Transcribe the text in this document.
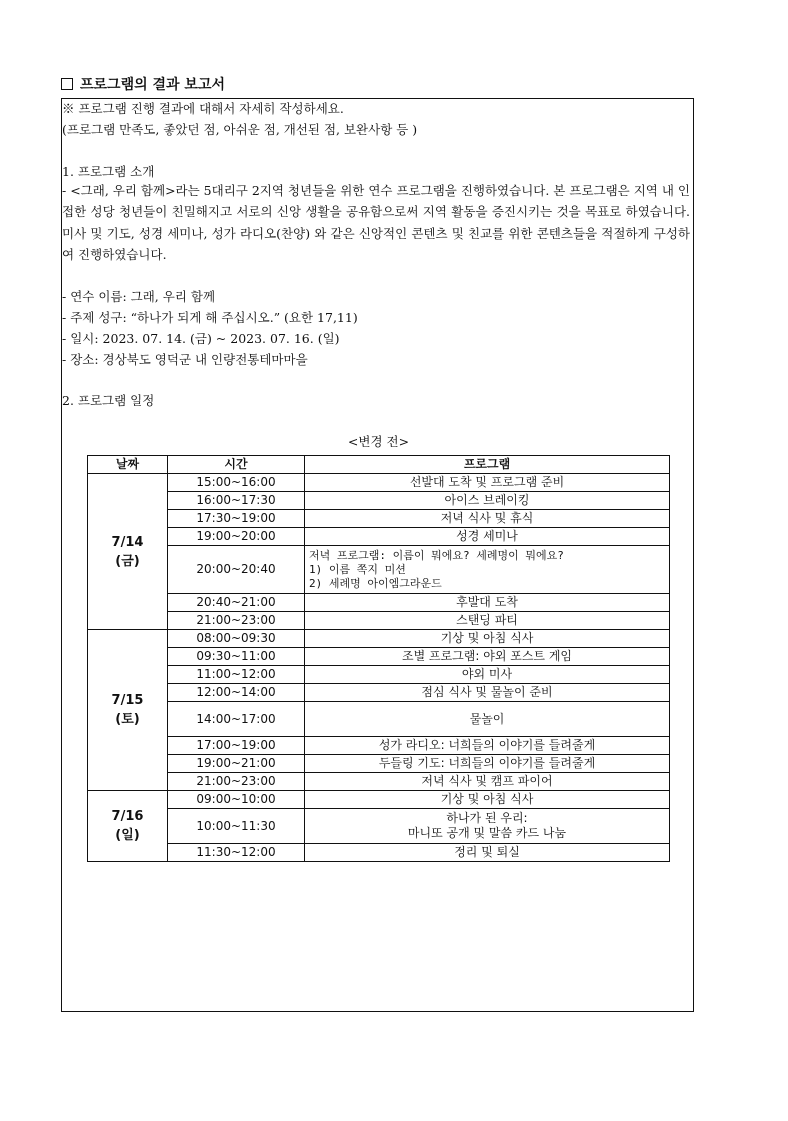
프로그램의 결과 보고서
※ 프로그램 진행 결과에 대해서 자세히 작성하세요.
(프로그램 만족도, 좋았던 점, 아쉬운 점, 개선된 점, 보완사항 등 )
1. 프로그램 소개
- <그래, 우리 함께>라는 5대리구 2지역 청년들을 위한 연수 프로그램을 진행하였습니다. 본 프로그램은 지역 내 인접한 성당 청년들이 친밀해지고 서로의 신앙 생활을 공유함으로써 지역 활동을 증진시키는 것을 목표로 하였습니다. 미사 및 기도, 성경 세미나, 성가 라디오(찬양) 와 같은 신앙적인 콘텐츠 및 친교를 위한 콘텐츠들을 적절하게 구성하여 진행하였습니다.
- 연수 이름: 그래, 우리 함께
- 주제 성구: “하나가 되게 해 주십시오.” (요한 17,11)
- 일시: 2023. 07. 14. (금) ~ 2023. 07. 16. (일)
- 장소: 경상북도 영덕군 내 인량전통테마마을
2. 프로그램 일정
<변경 전>
날짜	시간	프로그램

7/14
(금)	15:00~16:00	선발대 도착 및 프로그램 준비
	16:00~17:30	아이스 브레이킹
	17:30~19:00	저녁 식사 및 휴식
	19:00~20:00	성경 세미나
	20:00~20:40	저녁 프로그램: 이름이 뭐에요? 세례명이 뭐에요?
1) 이름 쪽지 미션
2) 세례명 아이엠그라운드

	20:40~21:00	후발대 도착
	21:00~23:00	스탠딩 파티

7/15
(토)	08:00~09:30	기상 및 아침 식사
	09:30~11:00	조별 프로그램: 야외 포스트 게임
	11:00~12:00	야외 미사
	12:00~14:00	점심 식사 및 물놀이 준비
	14:00~17:00	물놀이
	17:00~19:00	성가 라디오: 너희들의 이야기를 들려줄게
	19:00~21:00	두들링 기도: 너희들의 이야기를 들려줄게
	21:00~23:00	저녁 식사 및 캠프 파이어

7/16
(일)	09:00~10:00	기상 및 아침 식사
	10:00~11:30	하나가 된 우리:
마니또 공개 및 말씀 카드 나눔

	11:30~12:00	정리 및 퇴실
